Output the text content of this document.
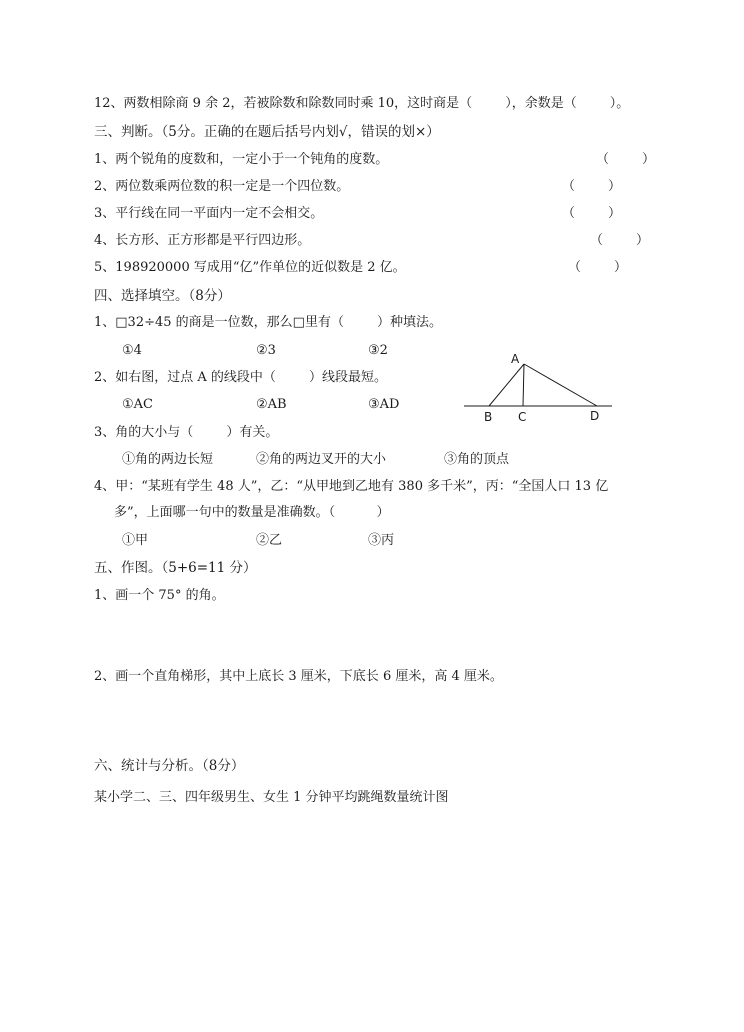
12、两数相除商 9 余 2，若被除数和除数同时乘 10，这时商是（        ），余数是（        ）。
三、判断。（5分。正确的在题后括号内划√，错误的划×）
1、两个锐角的度数和，一定小于一个钝角的度数。	（        ）
2、两位数乘两位数的积一定是一个四位数。	（        ）
3、平行线在同一平面内一定不会相交。	（        ）
4、长方形、正方形都是平行四边形。	（        ）
5、198920000 写成用“亿”作单位的近似数是 2 亿。	（        ）
四、选择填空。（8分）
1、□32÷45 的商是一位数，那么□里有（        ）种填法。
①4	②3	③2
2、如右图，过点 A 的线段中（        ）线段最短。
①AC	②AB	③AD
A
B C	D
3、角的大小与（        ）有关。
①角的两边长短	②角的两边叉开的大小	③角的顶点
4、甲：“某班有学生 48 人”，乙：“从甲地到乙地有 380 多千米”，丙：“全国人口 13 亿
多”，上面哪一句中的数量是准确数。（          ）
①甲	②乙	③丙
五、作图。（5+6=11 分）
1、画一个 75° 的角。
2、画一个直角梯形，其中上底长 3 厘米，下底长 6 厘米，高 4 厘米。
六、统计与分析。（8分）
某小学二、三、四年级男生、女生 1 分钟平均跳绳数量统计图
